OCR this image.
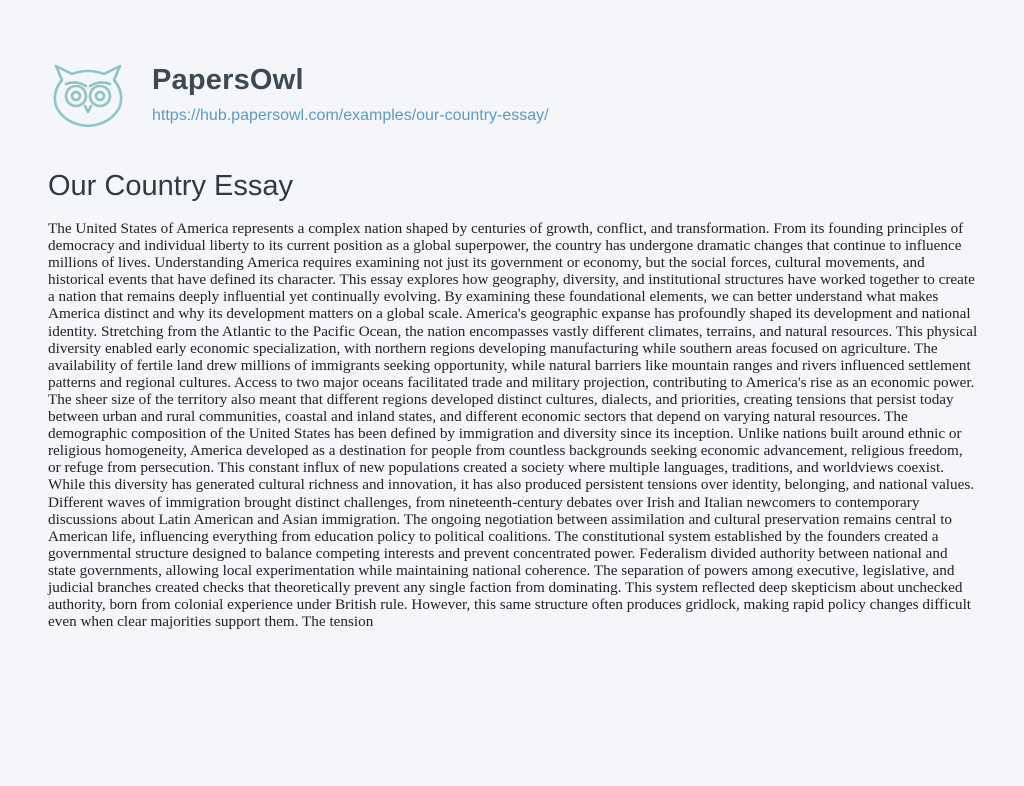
PapersOwl
https://hub.papersowl.com/examples/our-country-essay/
Our Country Essay

The United States of America represents a complex nation shaped by centuries of growth, conflict, and transformation. From its founding principles of democracy and individual liberty to its current position as a global superpower, the country has undergone dramatic changes that continue to influence millions of lives. Understanding America requires examining not just its government or economy, but the social forces, cultural movements, and historical events that have defined its character. This essay explores how geography, diversity, and institutional structures have worked together to create a nation that remains deeply influential yet continually evolving. By examining these foundational elements, we can better understand what makes America distinct and why its development matters on a global scale. America's geographic expanse has profoundly shaped its development and national identity. Stretching from the Atlantic to the Pacific Ocean, the nation encompasses vastly different climates, terrains, and natural resources. This physical diversity enabled early economic specialization, with northern regions developing manufacturing while southern areas focused on agriculture. The availability of fertile land drew millions of immigrants seeking opportunity, while natural barriers like mountain ranges and rivers influenced settlement patterns and regional cultures. Access to two major oceans facilitated trade and military projection, contributing to America's rise as an economic power. The sheer size of the territory also meant that different regions developed distinct cultures, dialects, and priorities, creating tensions that persist today between urban and rural communities, coastal and inland states, and different economic sectors that depend on varying natural resources. The demographic composition of the United States has been defined by immigration and diversity since its inception. Unlike nations built around ethnic or religious homogeneity, America developed as a destination for people from countless backgrounds seeking economic advancement, religious freedom, or refuge from persecution. This constant influx of new populations created a society where multiple languages, traditions, and worldviews coexist. While this diversity has generated cultural richness and innovation, it has also produced persistent tensions over identity, belonging, and national values. Different waves of immigration brought distinct challenges, from nineteenth-century debates over Irish and Italian newcomers to contemporary discussions about Latin American and Asian immigration. The ongoing negotiation between assimilation and cultural preservation remains central to American life, influencing everything from education policy to political coalitions. The constitutional system established by the founders created a governmental structure designed to balance competing interests and prevent concentrated power. Federalism divided authority between national and state governments, allowing local experimentation while maintaining national coherence. The separation of powers among executive, legislative, and judicial branches created checks that theoretically prevent any single faction from dominating. This system reflected deep skepticism about unchecked authority, born from colonial experience under British rule. However, this same structure often produces gridlock, making rapid policy changes difficult even when clear majorities support them. The tension
